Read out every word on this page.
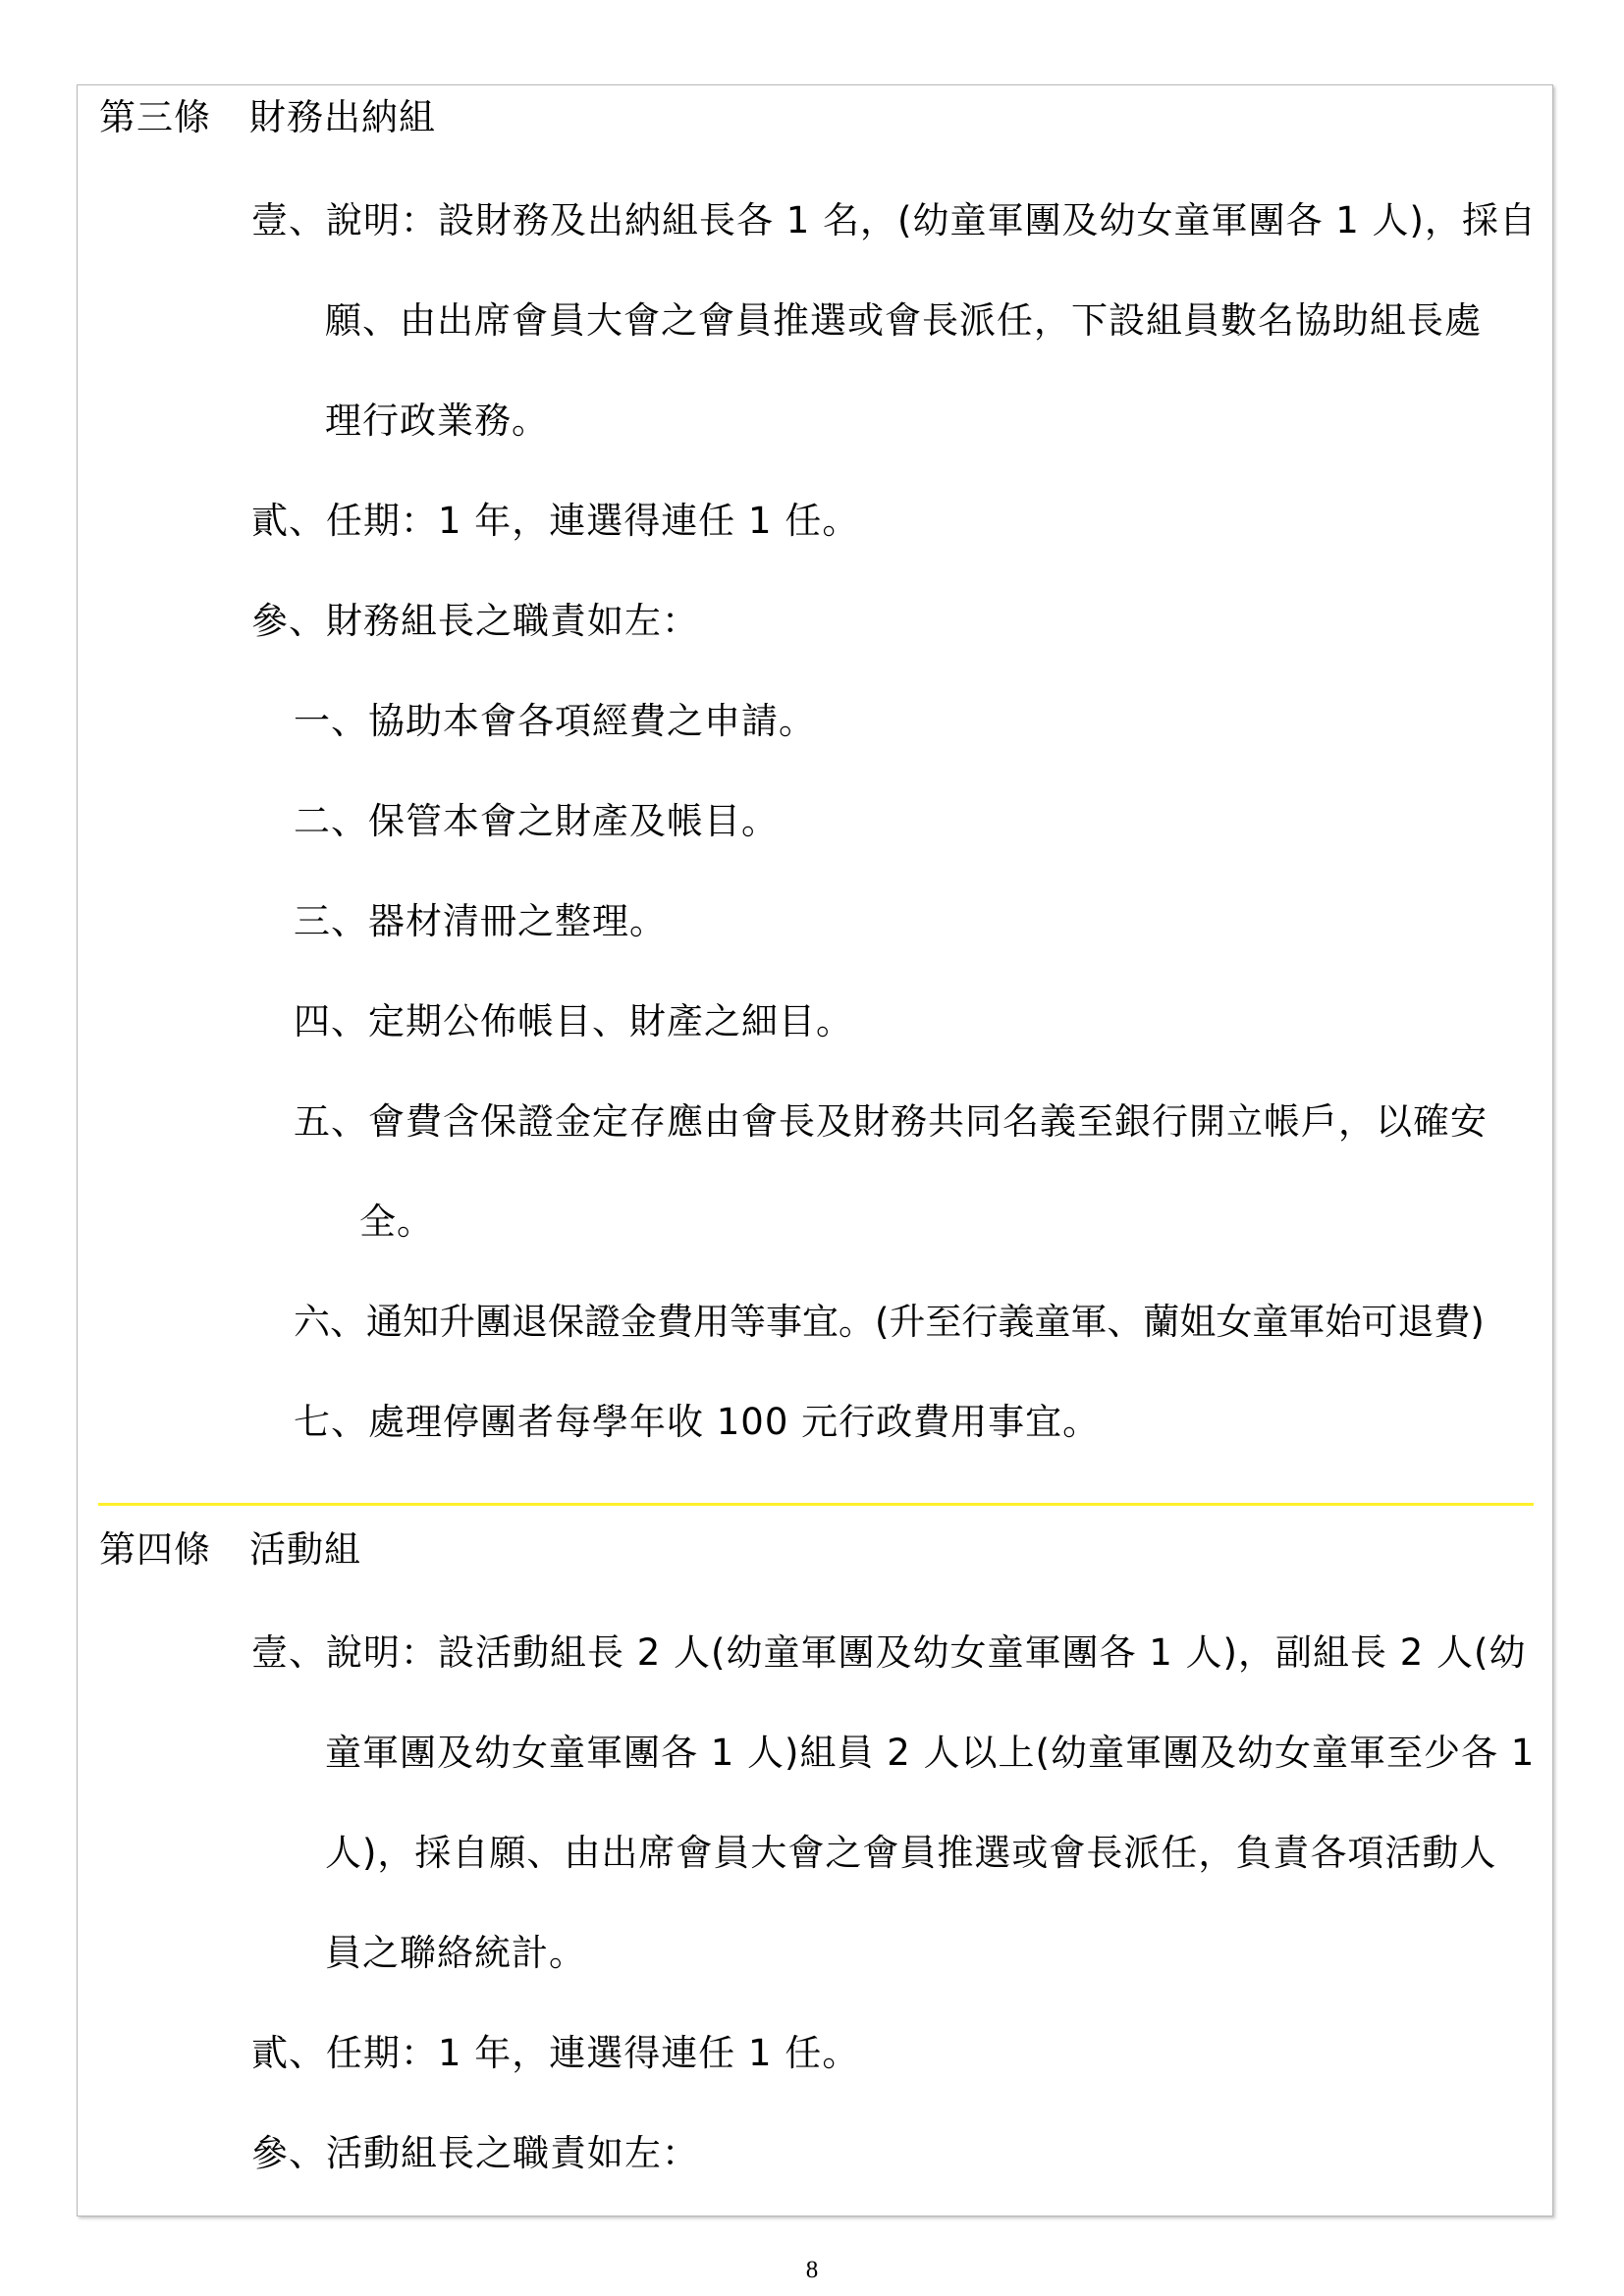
第三條 財務出納組
壹、說明：設財務及出納組長各 1 名，(幼童軍團及幼女童軍團各 1 人)，採自
願、由出席會員大會之會員推選或會長派任，下設組員數名協助組長處
理行政業務。
貳、任期：1 年，連選得連任 1 任。
參、財務組長之職責如左：
一、協助本會各項經費之申請。
二、保管本會之財產及帳目。
三、器材清冊之整理。
四、定期公佈帳目、財產之細目。
五、會費含保證金定存應由會長及財務共同名義至銀行開立帳戶，以確安
全。
六、通知升團退保證金費用等事宜。(升至行義童軍、蘭姐女童軍始可退費)
七、處理停團者每學年收 100 元行政費用事宜。
第四條 活動組
壹、說明：設活動組長 2 人(幼童軍團及幼女童軍團各 1 人)，副組長 2 人(幼
童軍團及幼女童軍團各 1 人)組員 2 人以上(幼童軍團及幼女童軍至少各 1
人)，採自願、由出席會員大會之會員推選或會長派任，負責各項活動人
員之聯絡統計。
貳、任期：1 年，連選得連任 1 任。
參、活動組長之職責如左：
8
